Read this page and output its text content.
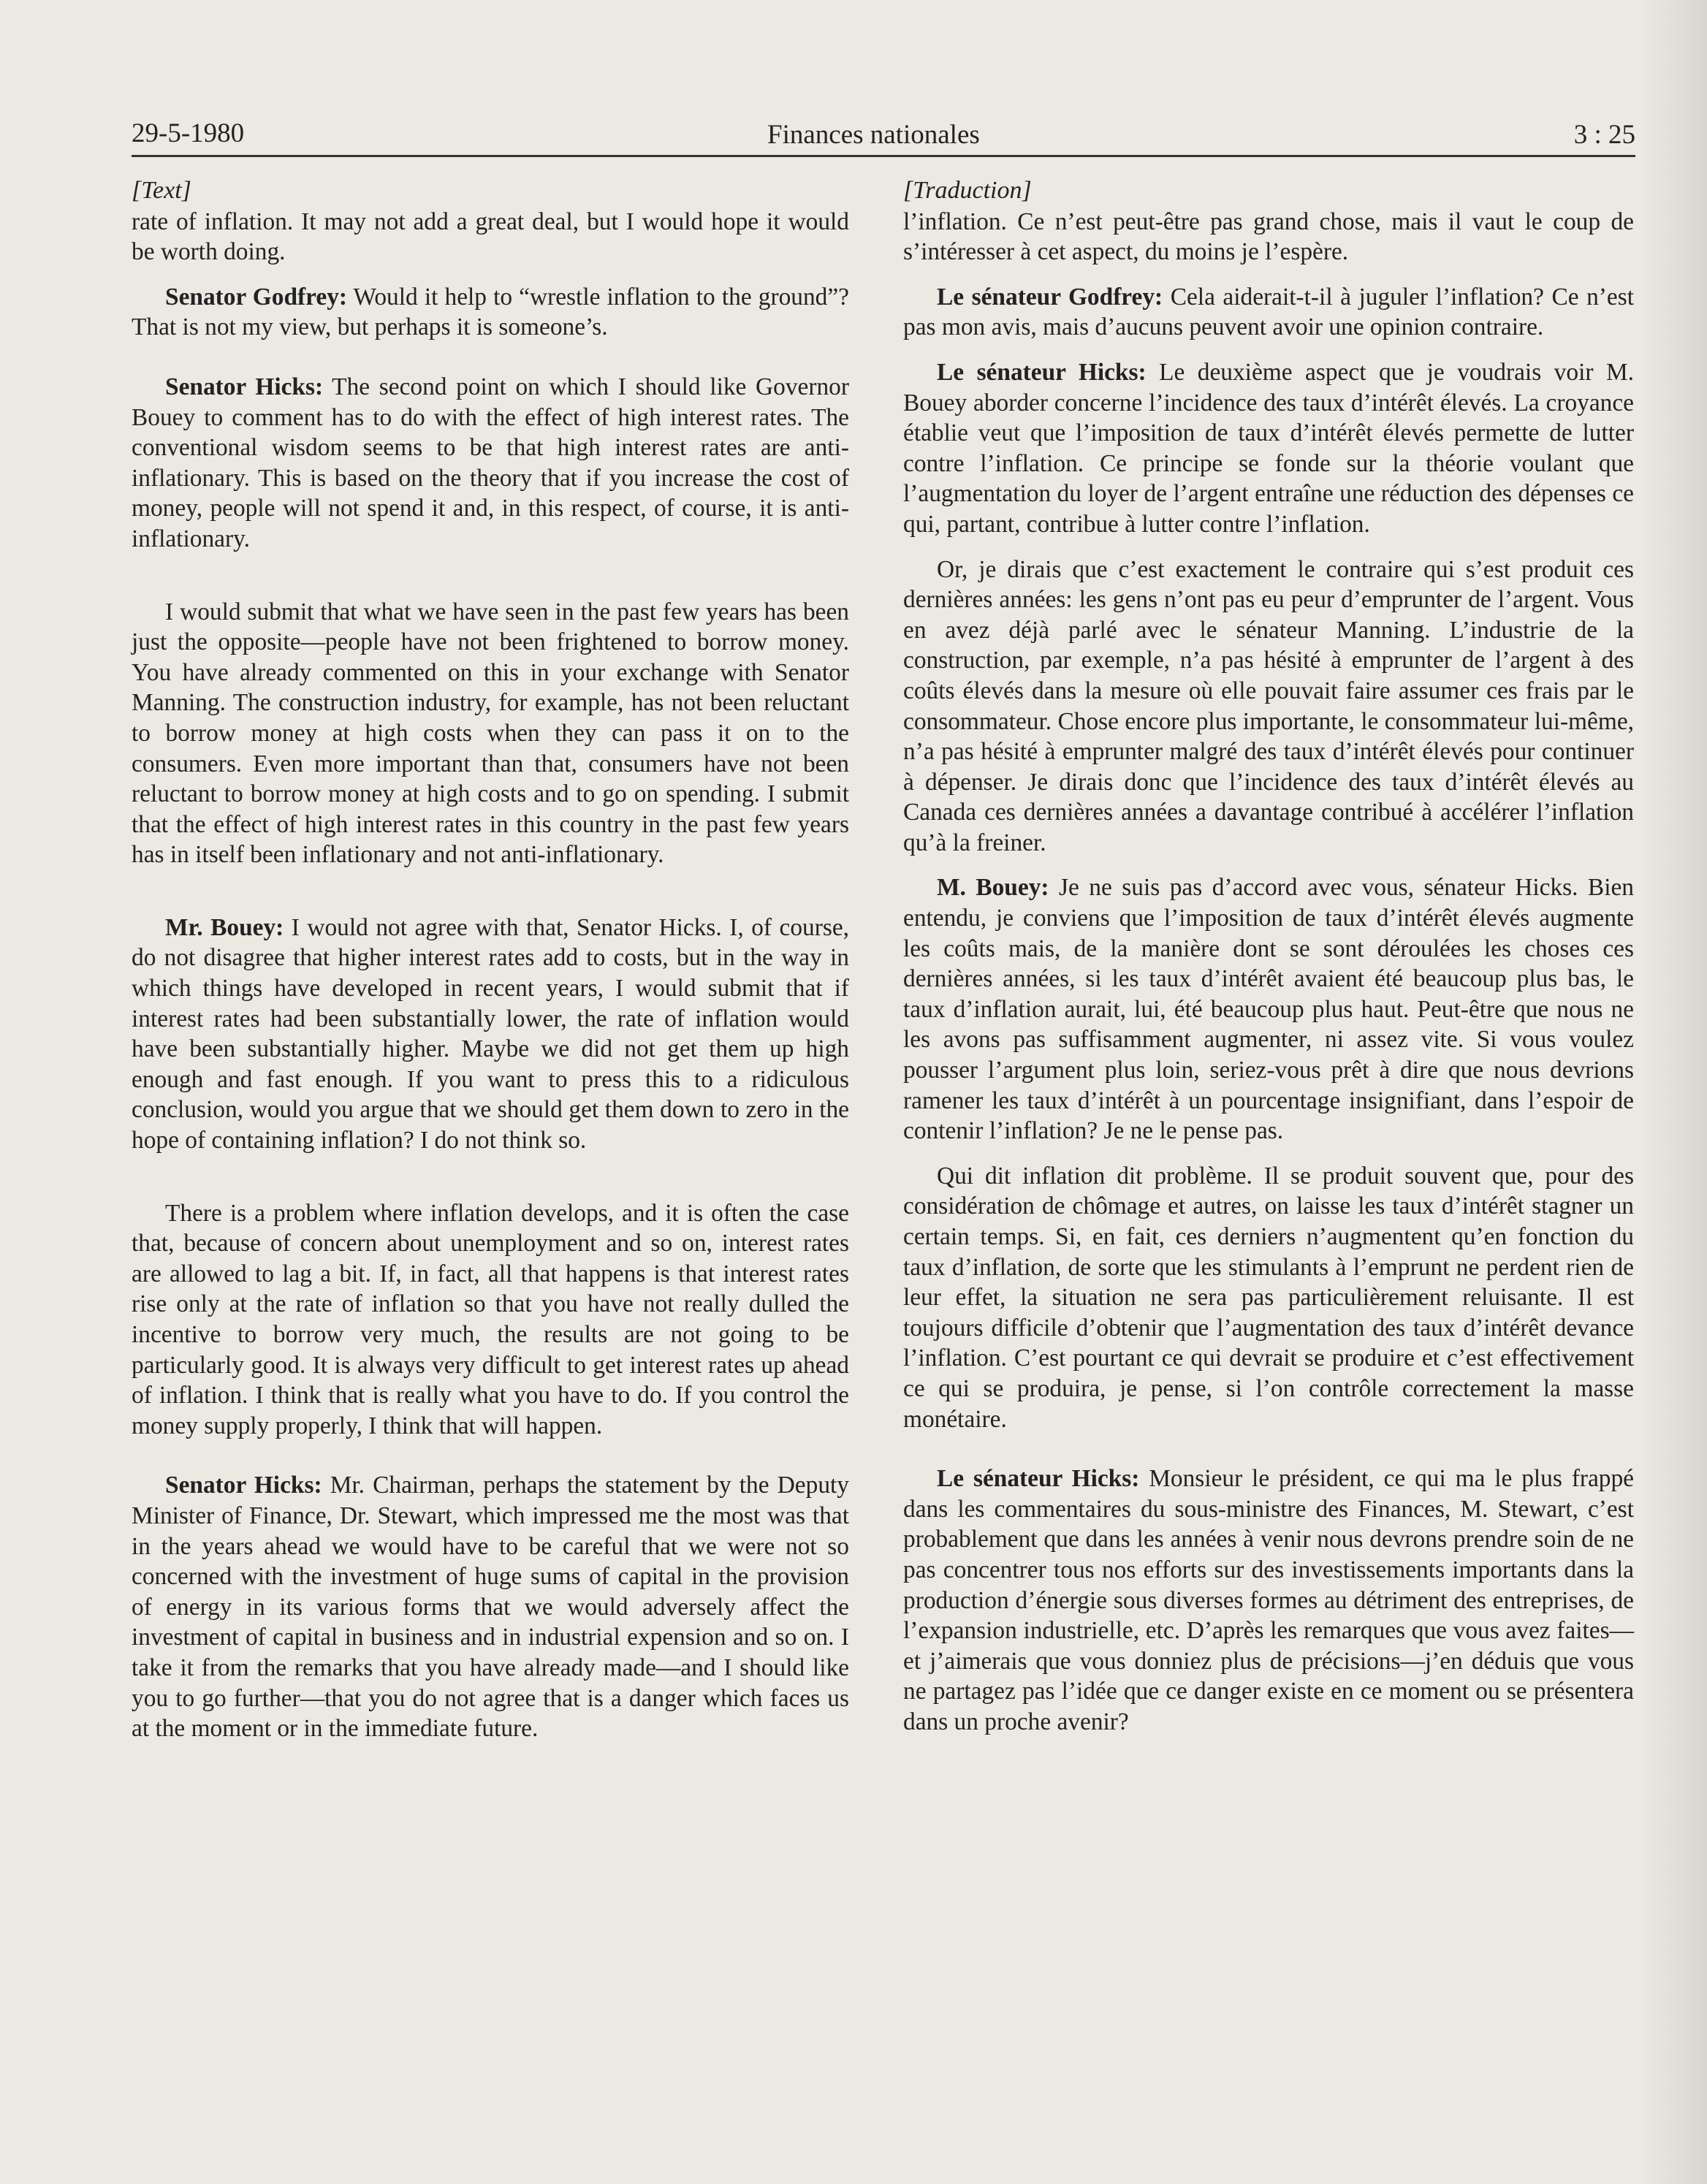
29-5-1980	Finances nationales	3 : 25
[Text]

rate of inflation. It may not add a great deal, but I would hope it would be worth doing.

Senator Godfrey: Would it help to “wrestle inflation to the ground”? That is not my view, but perhaps it is someone’s.

Senator Hicks: The second point on which I should like Governor Bouey to comment has to do with the effect of high interest rates. The conventional wisdom seems to be that high interest rates are anti-inflationary. This is based on the theory that if you increase the cost of money, people will not spend it and, in this respect, of course, it is anti-inflationary.

I would submit that what we have seen in the past few years has been just the opposite—people have not been frightened to borrow money. You have already commented on this in your exchange with Senator Manning. The construction industry, for example, has not been reluctant to borrow money at high costs when they can pass it on to the consumers. Even more important than that, consumers have not been reluctant to borrow money at high costs and to go on spending. I submit that the effect of high interest rates in this country in the past few years has in itself been inflationary and not anti-inflationary.

Mr. Bouey: I would not agree with that, Senator Hicks. I, of course, do not disagree that higher interest rates add to costs, but in the way in which things have developed in recent years, I would submit that if interest rates had been substantially lower, the rate of inflation would have been substantially higher. Maybe we did not get them up high enough and fast enough. If you want to press this to a ridiculous conclusion, would you argue that we should get them down to zero in the hope of containing inflation? I do not think so.

There is a problem where inflation develops, and it is often the case that, because of concern about unemployment and so on, interest rates are allowed to lag a bit. If, in fact, all that happens is that interest rates rise only at the rate of inflation so that you have not really dulled the incentive to borrow very much, the results are not going to be particularly good. It is always very difficult to get interest rates up ahead of inflation. I think that is really what you have to do. If you control the money supply properly, I think that will happen.

Senator Hicks: Mr. Chairman, perhaps the statement by the Deputy Minister of Finance, Dr. Stewart, which impressed me the most was that in the years ahead we would have to be careful that we were not so concerned with the investment of huge sums of capital in the provision of energy in its various forms that we would adversely affect the investment of capital in business and in industrial expension and so on. I take it from the remarks that you have already made—and I should like you to go further—that you do not agree that is a danger which faces us at the moment or in the immediate future.

[Traduction]

l’inflation. Ce n’est peut-être pas grand chose, mais il vaut le coup de s’intéresser à cet aspect, du moins je l’espère.

Le sénateur Godfrey: Cela aiderait-t-il à juguler l’inflation? Ce n’est pas mon avis, mais d’aucuns peuvent avoir une opinion contraire.

Le sénateur Hicks: Le deuxième aspect que je voudrais voir M. Bouey aborder concerne l’incidence des taux d’intérêt élevés. La croyance établie veut que l’imposition de taux d’intérêt élevés permette de lutter contre l’inflation. Ce principe se fonde sur la théorie voulant que l’augmentation du loyer de l’argent entraîne une réduction des dépenses ce qui, partant, contribue à lutter contre l’inflation.

Or, je dirais que c’est exactement le contraire qui s’est produit ces dernières années: les gens n’ont pas eu peur d’emprunter de l’argent. Vous en avez déjà parlé avec le sénateur Manning. L’industrie de la construction, par exemple, n’a pas hésité à emprunter de l’argent à des coûts élevés dans la mesure où elle pouvait faire assumer ces frais par le consommateur. Chose encore plus importante, le consommateur lui-même, n’a pas hésité à emprunter malgré des taux d’intérêt élevés pour continuer à dépenser. Je dirais donc que l’incidence des taux d’intérêt élevés au Canada ces dernières années a davantage contribué à accélérer l’inflation qu’à la freiner.

M. Bouey: Je ne suis pas d’accord avec vous, sénateur Hicks. Bien entendu, je conviens que l’imposition de taux d’intérêt élevés augmente les coûts mais, de la manière dont se sont déroulées les choses ces dernières années, si les taux d’intérêt avaient été beaucoup plus bas, le taux d’inflation aurait, lui, été beaucoup plus haut. Peut-être que nous ne les avons pas suffisamment augmenter, ni assez vite. Si vous voulez pousser l’argument plus loin, seriez-vous prêt à dire que nous devrions ramener les taux d’intérêt à un pourcentage insignifiant, dans l’espoir de contenir l’inflation? Je ne le pense pas.

Qui dit inflation dit problème. Il se produit souvent que, pour des considération de chômage et autres, on laisse les taux d’intérêt stagner un certain temps. Si, en fait, ces derniers n’augmentent qu’en fonction du taux d’inflation, de sorte que les stimulants à l’emprunt ne perdent rien de leur effet, la situation ne sera pas particulièrement reluisante. Il est toujours difficile d’obtenir que l’augmentation des taux d’intérêt devance l’inflation. C’est pourtant ce qui devrait se produire et c’est effectivement ce qui se produira, je pense, si l’on contrôle correctement la masse monétaire.

Le sénateur Hicks: Monsieur le président, ce qui ma le plus frappé dans les commentaires du sous-ministre des Finances, M. Stewart, c’est probablement que dans les années à venir nous devrons prendre soin de ne pas concentrer tous nos efforts sur des investissements importants dans la production d’énergie sous diverses formes au détriment des entreprises, de l’expansion industrielle, etc. D’après les remarques que vous avez faites—et j’aimerais que vous donniez plus de précisions—j’en déduis que vous ne partagez pas l’idée que ce danger existe en ce moment ou se présentera dans un proche avenir?
